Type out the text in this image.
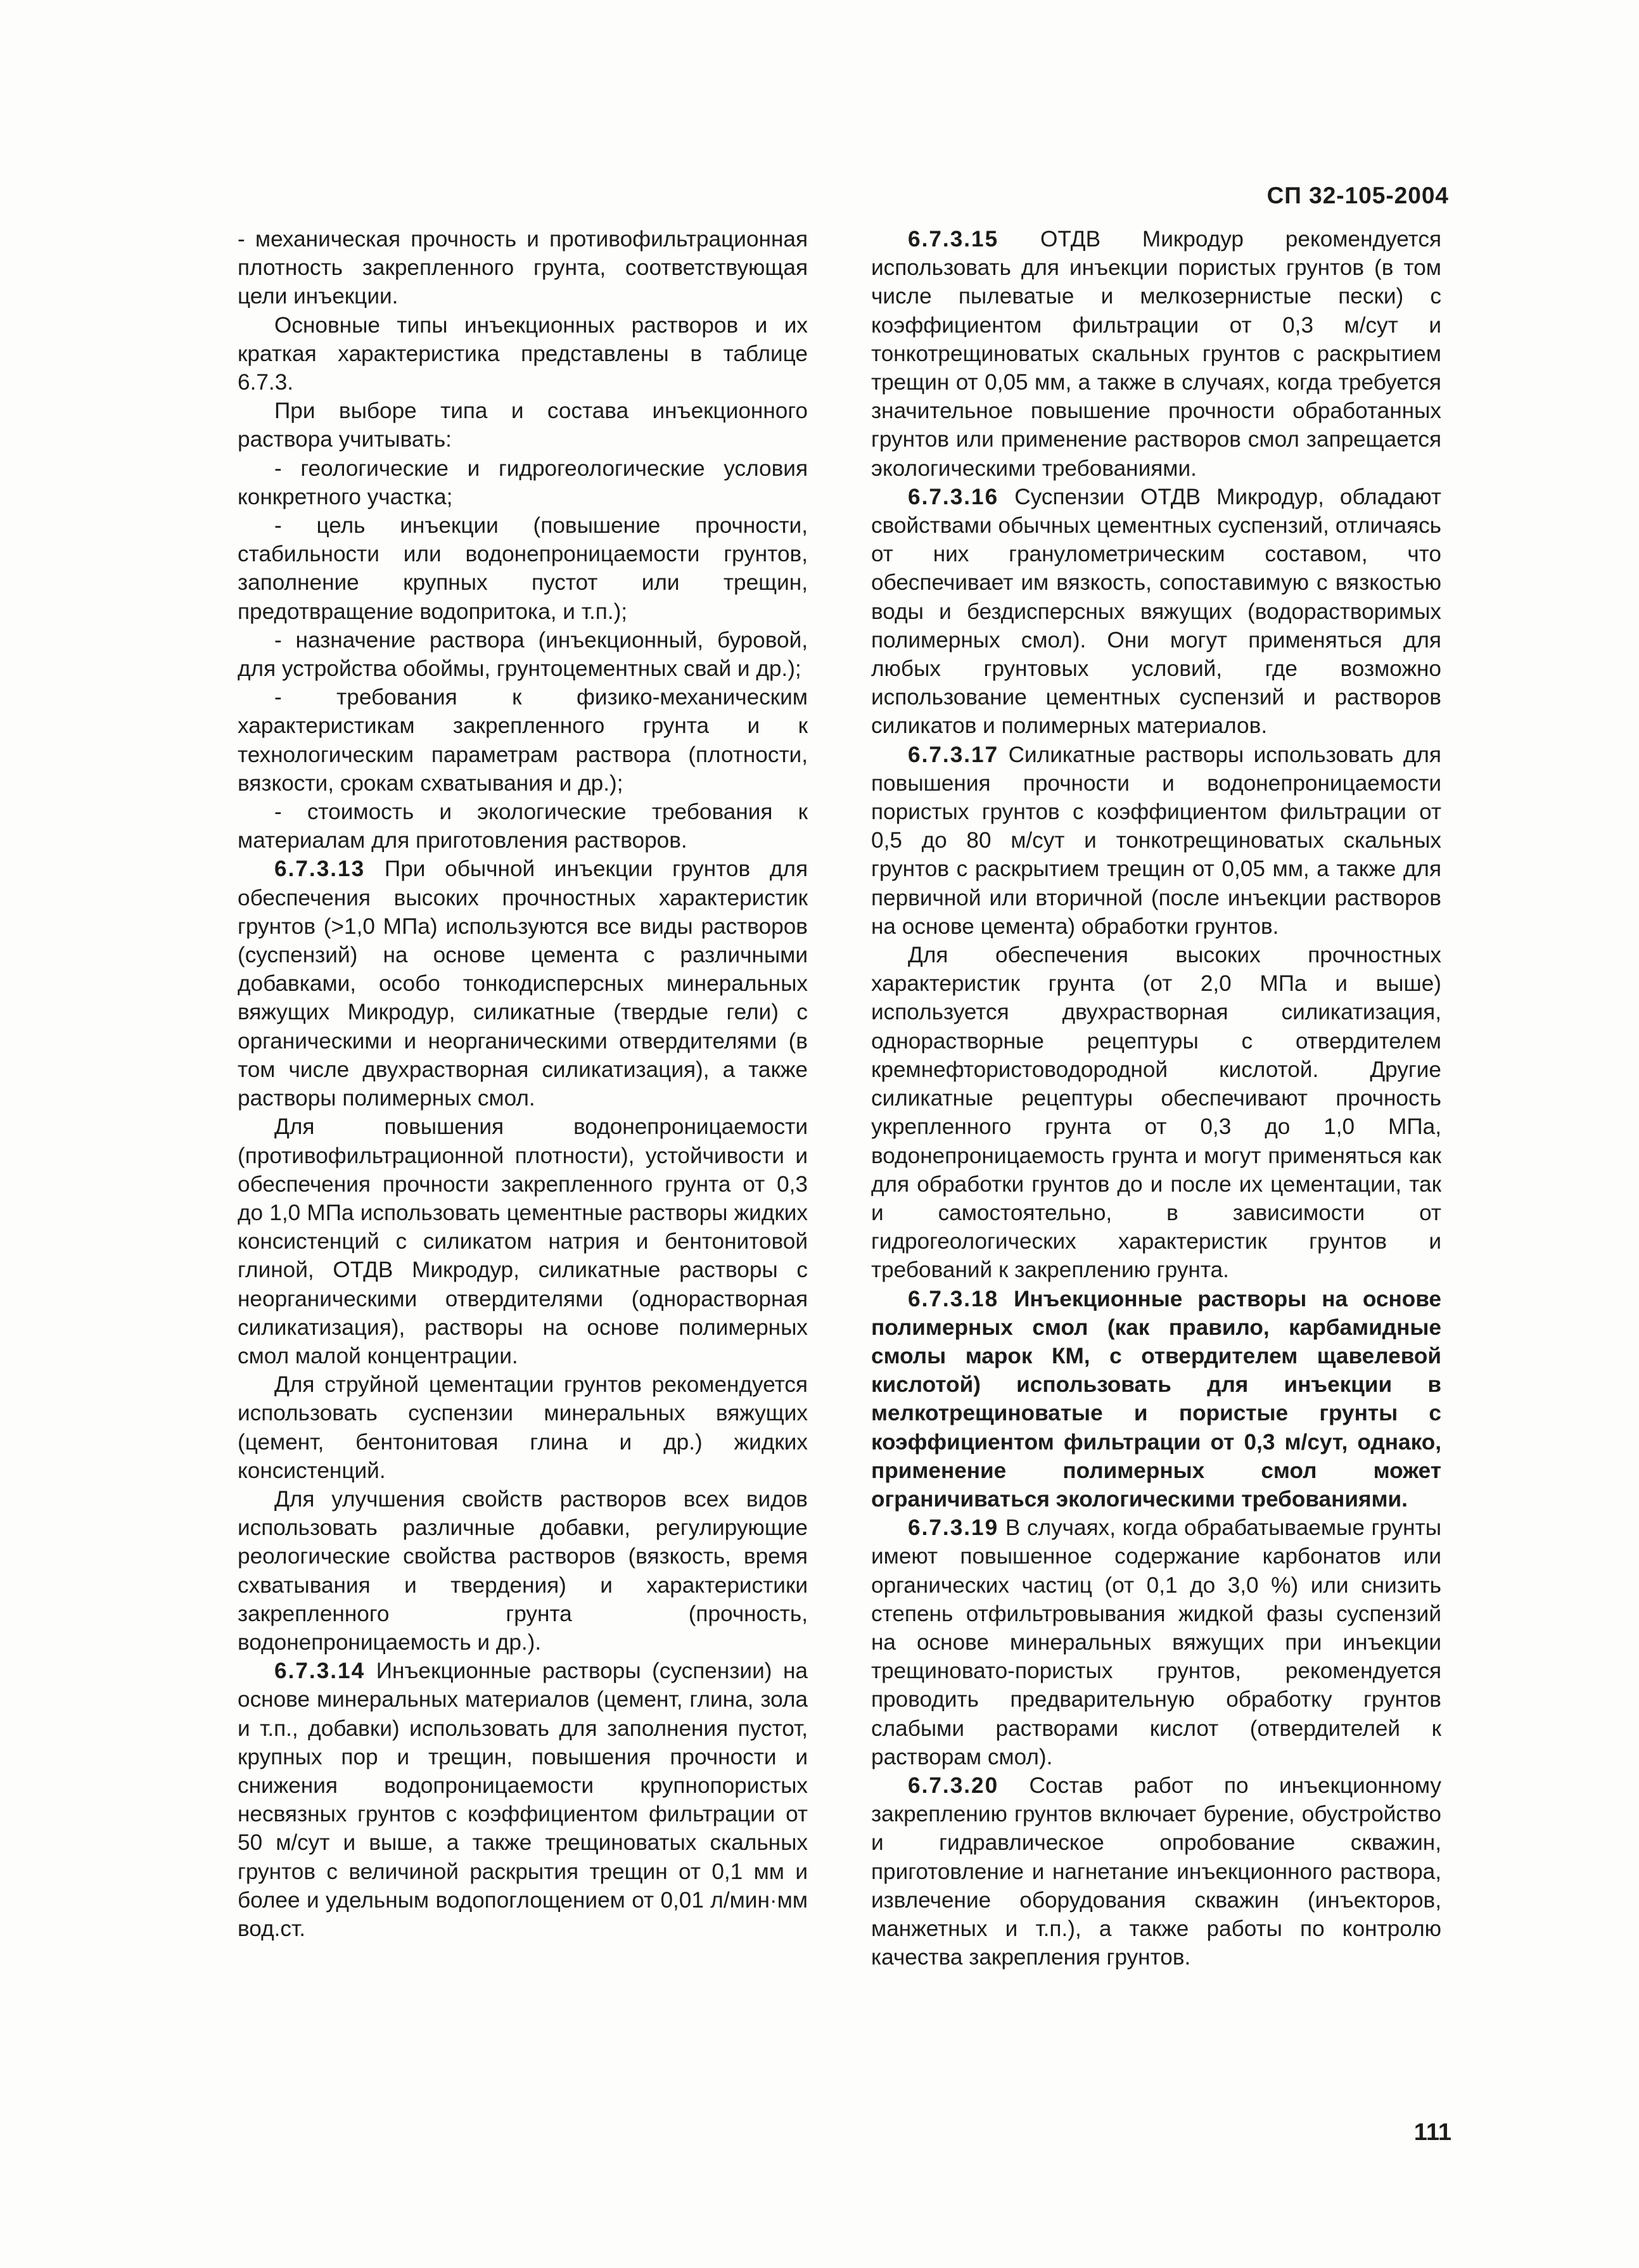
СП 32-105-2004

- механическая прочность и противофильтрационная плотность закрепленного грунта, соответствующая цели инъекции.

Основные типы инъекционных растворов и их краткая характеристика представлены в таблице 6.7.3.

При выборе типа и состава инъекционного раствора учитывать:

- геологические и гидрогеологические условия конкретного участка;

- цель инъекции (повышение прочности, стабильности или водонепроницаемости грунтов, заполнение крупных пустот или трещин, предотвращение водопритока, и т.п.);

- назначение раствора (инъекционный, буровой, для устройства обоймы, грунтоцементных свай и др.);

- требования к физико-механическим характеристикам закрепленного грунта и к технологическим параметрам раствора (плотности, вязкости, срокам схватывания и др.);

- стоимость и экологические требования к материалам для приготовления растворов.

6.7.3.13 При обычной инъекции грунтов для обеспечения высоких прочностных характеристик грунтов (>1,0 МПа) используются все виды растворов (суспензий) на основе цемента с различными добавками, особо тонкодисперсных минеральных вяжущих Микродур, силикатные (твердые гели) с органическими и неорганическими отвердителями (в том числе двухрастворная силикатизация), а также растворы полимерных смол.

Для повышения водонепроницаемости (противофильтрационной плотности), устойчивости и обеспечения прочности закрепленного грунта от 0,3 до 1,0 МПа использовать цементные растворы жидких консистенций с силикатом натрия и бентонитовой глиной, ОТДВ Микродур, силикатные растворы с неорганическими отвердителями (однорастворная силикатизация), растворы на основе полимерных смол малой концентрации.

Для струйной цементации грунтов рекомендуется использовать суспензии минеральных вяжущих (цемент, бентонитовая глина и др.) жидких консистенций.

Для улучшения свойств растворов всех видов использовать различные добавки, регулирующие реологические свойства растворов (вязкость, время схватывания и твердения) и характеристики закрепленного грунта (прочность, водонепроницаемость и др.).

6.7.3.14 Инъекционные растворы (суспензии) на основе минеральных материалов (цемент, глина, зола и т.п., добавки) использовать для заполнения пустот, крупных пор и трещин, повышения прочности и снижения водопроницаемости крупнопористых несвязных грунтов с коэффициентом фильтрации от 50 м/сут и выше, а также трещиноватых скальных грунтов с величиной раскрытия трещин от 0,1 мм и более и удельным водопоглощением от 0,01 л/мин·мм вод.ст.

6.7.3.15 ОТДВ Микродур рекомендуется использовать для инъекции пористых грунтов (в том числе пылеватые и мелкозернистые пески) с коэффициентом фильтрации от 0,3 м/сут и тонкотрещиноватых скальных грунтов с раскрытием трещин от 0,05 мм, а также в случаях, когда требуется значительное повышение прочности обработанных грунтов или применение растворов смол запрещается экологическими требованиями.

6.7.3.16 Суспензии ОТДВ Микродур, обладают свойствами обычных цементных суспензий, отличаясь от них гранулометрическим составом, что обеспечивает им вязкость, сопоставимую с вязкостью воды и бездисперсных вяжущих (водорастворимых полимерных смол). Они могут применяться для любых грунтовых условий, где возможно использование цементных суспензий и растворов силикатов и полимерных материалов.

6.7.3.17 Силикатные растворы использовать для повышения прочности и водонепроницаемости пористых грунтов с коэффициентом фильтрации от 0,5 до 80 м/сут и тонкотрещиноватых скальных грунтов с раскрытием трещин от 0,05 мм, а также для первичной или вторичной (после инъекции растворов на основе цемента) обработки грунтов.

Для обеспечения высоких прочностных характеристик грунта (от 2,0 МПа и выше) используется двухрастворная силикатизация, однорастворные рецептуры с отвердителем кремнефтористоводородной кислотой. Другие силикатные рецептуры обеспечивают прочность укрепленного грунта от 0,3 до 1,0 МПа, водонепроницаемость грунта и могут применяться как для обработки грунтов до и после их цементации, так и самостоятельно, в зависимости от гидрогеологических характеристик грунтов и требований к закреплению грунта.

6.7.3.18 Инъекционные растворы на основе полимерных смол (как правило, карбамидные смолы марок КМ, с отвердителем щавелевой кислотой) использовать для инъекции в мелкотрещиноватые и пористые грунты с коэффициентом фильтрации от 0,3 м/сут, однако, применение полимерных смол может ограничиваться экологическими требованиями.

6.7.3.19 В случаях, когда обрабатываемые грунты имеют повышенное содержание карбонатов или органических частиц (от 0,1 до 3,0 %) или снизить степень отфильтровывания жидкой фазы суспензий на основе минеральных вяжущих при инъекции трещиновато-пористых грунтов, рекомендуется проводить предварительную обработку грунтов слабыми растворами кислот (отвердителей к растворам смол).

6.7.3.20 Состав работ по инъекционному закреплению грунтов включает бурение, обустройство и гидравлическое опробование скважин, приготовление и нагнетание инъекционного раствора, извлечение оборудования скважин (инъекторов, манжетных и т.п.), а также работы по контролю качества закрепления грунтов.

111
